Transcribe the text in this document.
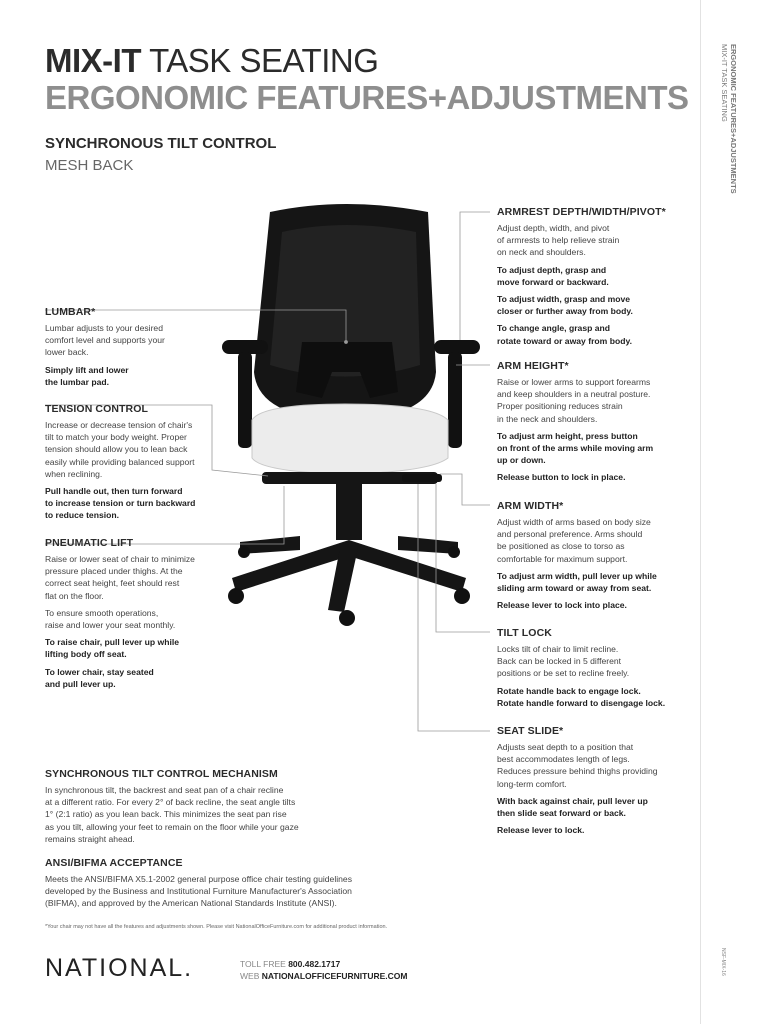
MIX-IT TASK SEATING
ERGONOMIC FEATURES+ADJUSTMENTS
SYNCHRONOUS TILT CONTROL
MESH BACK	ERGONOMIC FEATURES+ADJUSTMENTS
MIX-IT TASK SEATING
LUMBAR*

Lumbar adjusts to your desired
comfort level and supports your
lower back.

Simply lift and lower
the lumbar pad.

TENSION CONTROL

Increase or decrease tension of chair's
tilt to match your body weight. Proper
tension should allow you to lean back
easily while providing balanced support
when reclining.

Pull handle out, then turn forward
to increase tension or turn backward
to reduce tension.

PNEUMATIC LIFT

Raise or lower seat of chair to minimize
pressure placed under thighs. At the
correct seat height, feet should rest
flat on the floor.

To ensure smooth operations,
raise and lower your seat monthly.

To raise chair, pull lever up while
lifting body off seat.

To lower chair, stay seated
and pull lever up.

SYNCHRONOUS TILT CONTROL MECHANISM

In synchronous tilt, the backrest and seat pan of a chair recline
at a different ratio. For every 2° of back recline, the seat angle tilts
1° (2:1 ratio) as you lean back. This minimizes the seat pan rise
as you tilt, allowing your feet to remain on the floor while your gaze
remains straight ahead.

ANSI/BIFMA ACCEPTANCE

Meets the ANSI/BIFMA X5.1-2002 general purpose office chair testing guidelines
developed by the Business and Institutional Furniture Manufacturer's Association
(BIFMA), and approved by the American National Standards Institute (ANSI).

ARMREST DEPTH/WIDTH/PIVOT*

Adjust depth, width, and pivot
of armrests to help relieve strain
on neck and shoulders.

To adjust depth, grasp and
move forward or backward.

To adjust width, grasp and move
closer or further away from body.

To change angle, grasp and
rotate toward or away from body.

ARM HEIGHT*

Raise or lower arms to support forearms
and keep shoulders in a neutral posture.
Proper positioning reduces strain
in the neck and shoulders.

To adjust arm height, press button
on front of the arms while moving arm
up or down.

Release button to lock in place.

ARM WIDTH*

Adjust width of arms based on body size
and personal preference. Arms should
be positioned as close to torso as
comfortable for maximum support.

To adjust arm width, pull lever up while
sliding arm toward or away from seat.

Release lever to lock into place.

TILT LOCK

Locks tilt of chair to limit recline.
Back can be locked in 5 different
positions or be set to recline freely.

Rotate handle back to engage lock.
Rotate handle forward to disengage lock.

SEAT SLIDE*

Adjusts seat depth to a position that
best accommodates length of legs.
Reduces pressure behind thighs providing
long-term comfort.

With back against chair, pull lever up
then slide seat forward or back.

Release lever to lock.

*Your chair may not have all the features and adjustments shown. Please visit NationalOfficeFurniture.com for additional product information.
NATIONAL.	TOLL FREE 800.482.1717
WEB NATIONALOFFICEFURNITURE.COM
NSF-MIX-16
